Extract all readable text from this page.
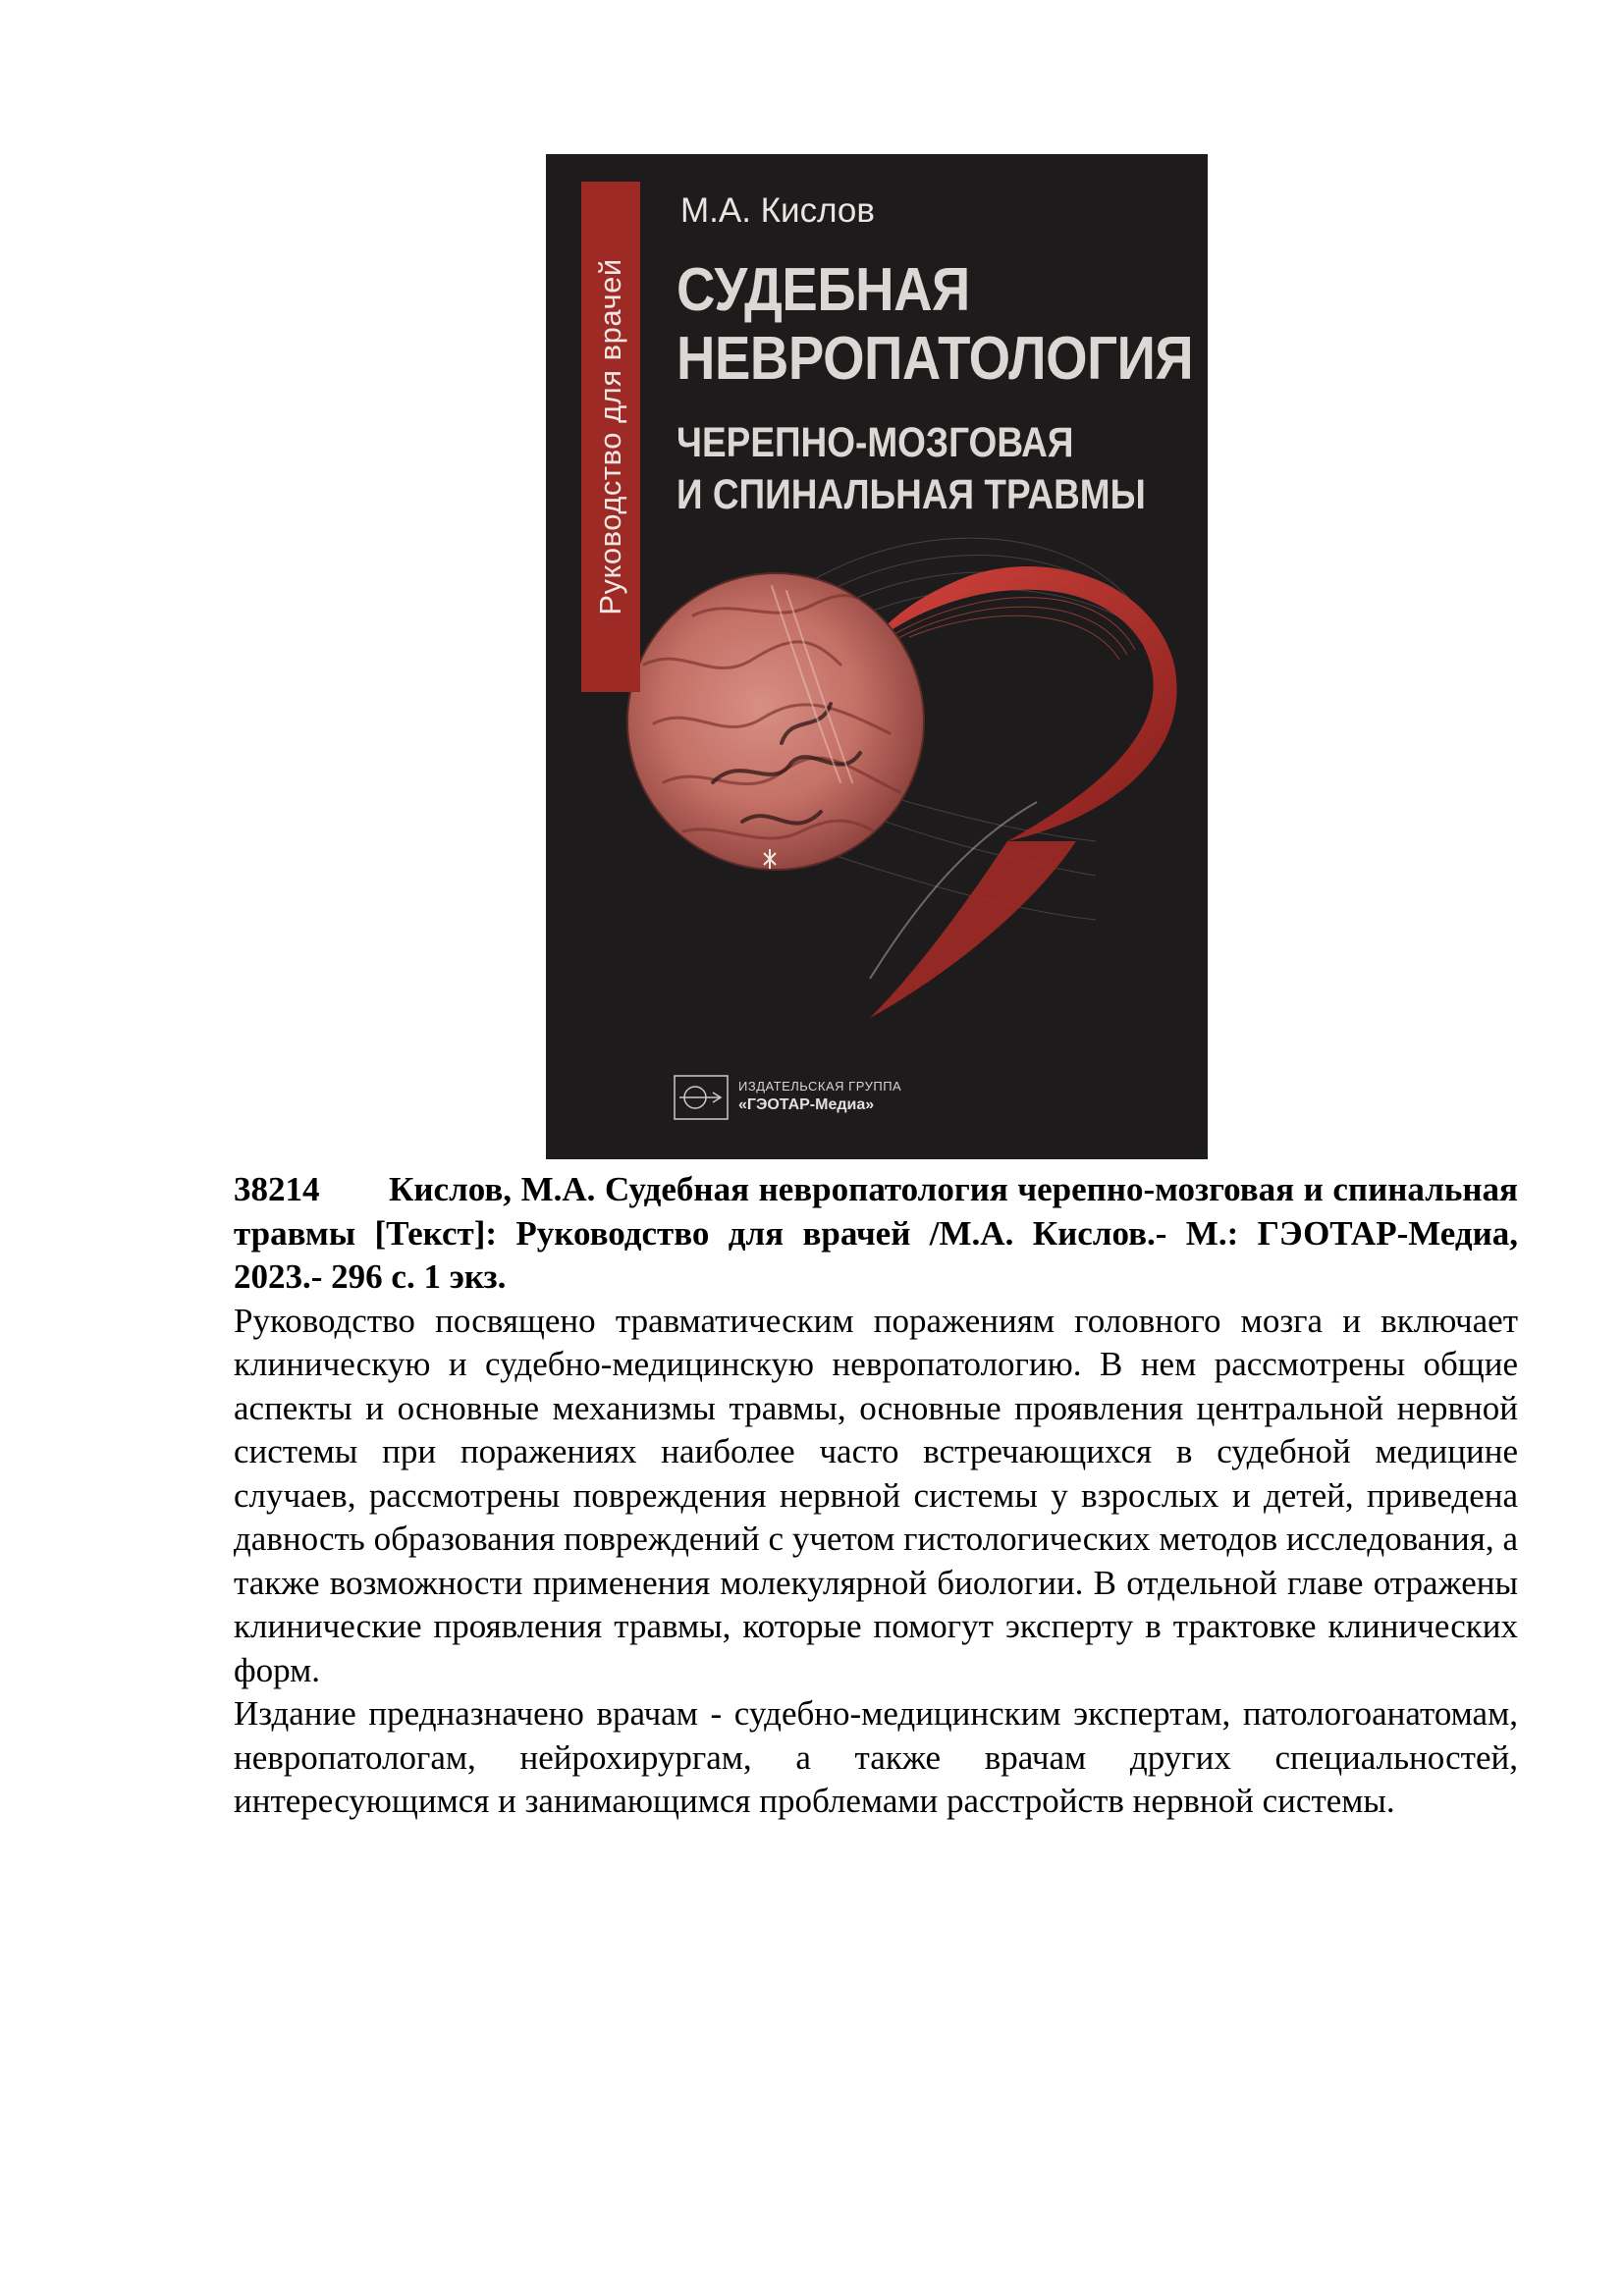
Руководство для врачей
М.А. Кислов
СУДЕБНАЯ
НЕВРОПАТОЛОГИЯ
ЧЕРЕПНО-МОЗГОВАЯ
И СПИНАЛЬНАЯ ТРАВМЫ
ИЗДАТЕЛЬСКАЯ ГРУППА
«ГЭОТАР-Медиа»

38214 Кислов, М.А. Судебная невропатология черепно-мозговая и спинальная травмы [Текст]: Руководство для врачей /М.А. Кислов.- М.: ГЭОТАР-Медиа, 2023.- 296 с. 1 экз.

Руководство посвящено травматическим поражениям головного мозга и включает клиническую и судебно-медицинскую невропатологию. В нем рассмотрены общие аспекты и основные механизмы травмы, основные проявления центральной нервной системы при поражениях наиболее часто встречающихся в судебной медицине случаев, рассмотрены повреждения нервной системы у взрослых и детей, приведена давность образования повреждений с учетом гистологических методов исследования, а также возможности применения молекулярной биологии. В отдельной главе отражены клинические проявления травмы, которые помогут эксперту в трактовке клинических форм.

Издание предназначено врачам - судебно-медицинским экспертам, патологоанатомам, невропатологам, нейрохирургам, а также врачам других специальностей, интересующимся и занимающимся проблемами расстройств нервной системы.
